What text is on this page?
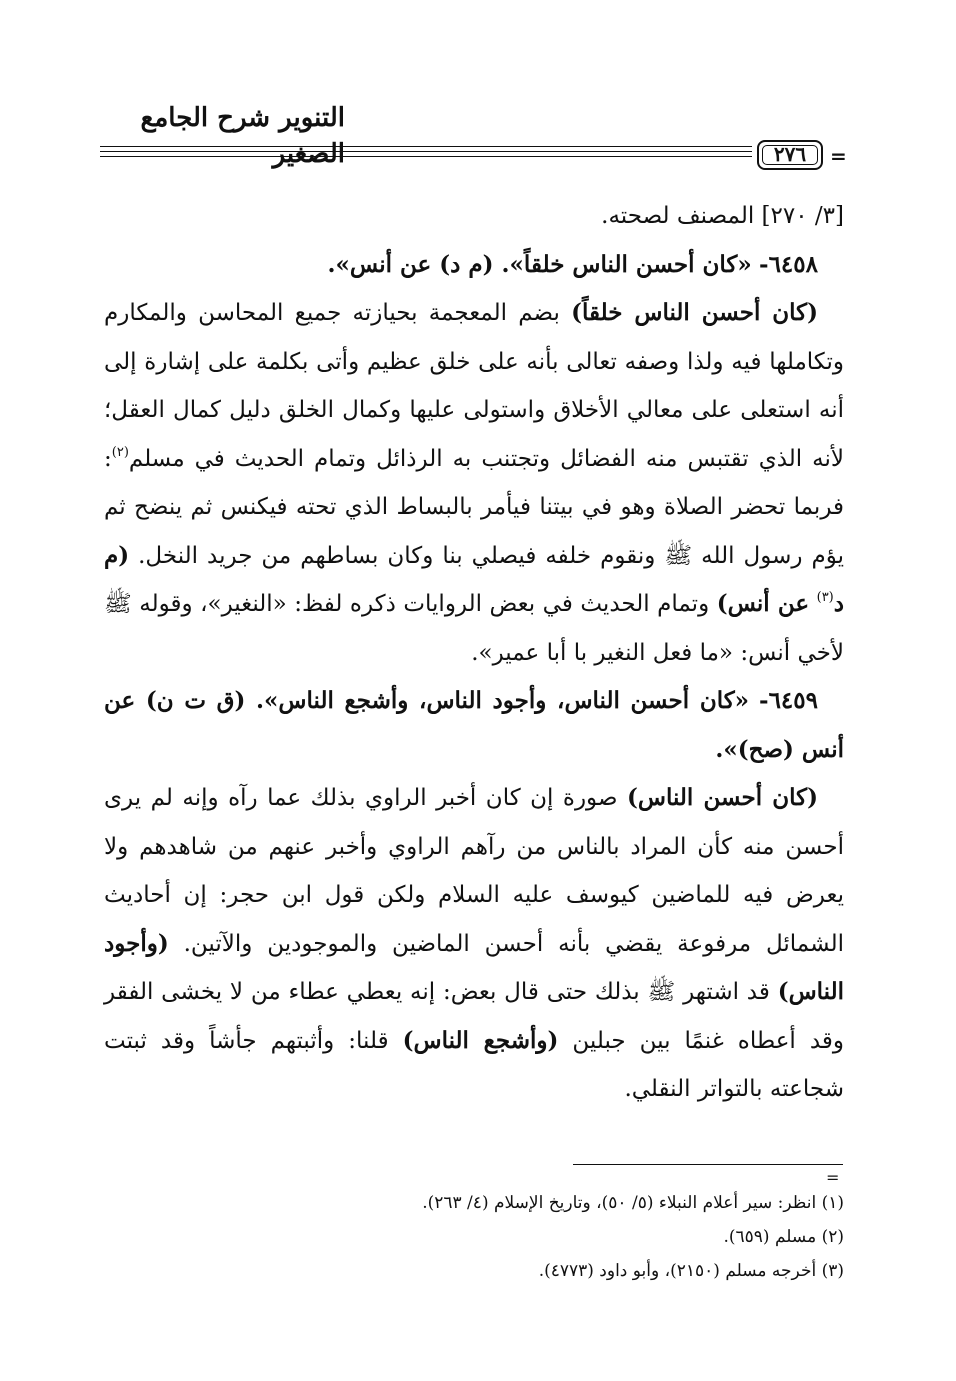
التنوير شرح الجامع الصغير	٢٧٦	=

[٣/ ٢٧٠] المصنف لصحته.

٦٤٥٨- «كان أحسن الناس خلقاً». (م د) عن أنس».

(كان أحسن الناس خلقاً) بضم المعجمة بحيازته جميع المحاسن والمكارم وتكاملها فيه ولذا وصفه تعالى بأنه على خلق عظيم وأتى بكلمة على إشارة إلى أنه استعلى على معالي الأخلاق واستولى عليها وكمال الخلق دليل كمال العقل؛ لأنه الذي تقتبس منه الفضائل وتجتنب به الرذائل وتمام الحديث في مسلم$^{(٢)}$: فربما تحضر الصلاة وهو في بيتنا فيأمر بالبساط الذي تحته فيكنس ثم ينضح ثم يؤم رسول الله ﷺ ونقوم خلفه فيصلي بنا وكان بساطهم من جريد النخل. (م د$^{(٣)}$ عن أنس) وتمام الحديث في بعض الروايات ذكره لفظ: «النغير»، وقوله ﷺ لأخي أنس: «ما فعل النغير با أبا عمير».

٦٤٥٩- «كان أحسن الناس، وأجود الناس، وأشجع الناس». (ق ت ن) عن أنس (صح)».

(كان أحسن الناس) صورة إن كان أخبر الراوي بذلك عما رآه وإنه لم يرى أحسن منه كأن المراد بالناس من رآهم الراوي وأخبر عنهم من شاهدهم ولا يعرض فيه للماضين كيوسف عليه السلام ولكن قول ابن حجر: إن أحاديث الشمائل مرفوعة يقضي بأنه أحسن الماضين والموجودين والآتين. (وأجود الناس) قد اشتهر ﷺ بذلك حتى قال بعض: إنه يعطي عطاء من لا يخشى الفقر وقد أعطاه غنمًا بين جبلين (وأشجع الناس) قلنا: وأثبتهم جأشاً وقد ثبتت شجاعته بالتواتر النقلي.

=

(١) انظر: سير أعلام النبلاء (٥/ ٥٠)، وتاريخ الإسلام (٤/ ٢٦٣).

(٢) مسلم (٦٥٩).

(٣) أخرجه مسلم (٢١٥٠)، وأبو داود (٤٧٧٣).
